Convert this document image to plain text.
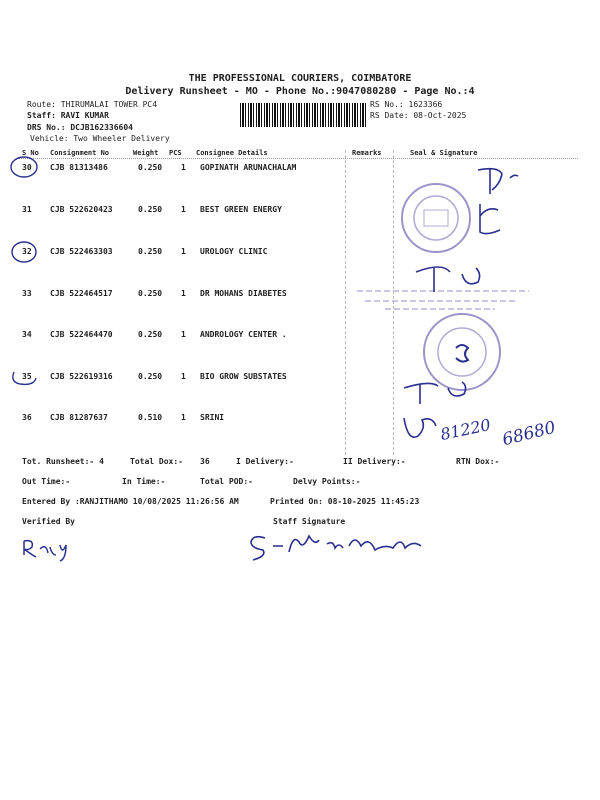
THE PROFESSIONAL COURIERS, COIMBATORE
Delivery Runsheet - MO - Phone No.:9047080280 - Page No.:4
Route: THIRUMALAI TOWER PC4
Staff: RAVI KUMAR
DRS No.: DCJB162336604
Vehicle: Two Wheeler Delivery
RS No.: 1623366
RS Date: 08-Oct-2025
S No Consignment No	Weight PCS Consignee Details	Remarks	Seal & Signature
30 CJB 81313486	0.250 1 GOPINATH ARUNACHALAM
31 CJB 522620423	0.250 1 BEST GREEN ENERGY
32 CJB 522463303	0.250 1 UROLOGY CLINIC
33 CJB 522464517	0.250 1 DR MOHANS DIABETES
34 CJB 522464470	0.250 1 ANDROLOGY CENTER .
35 CJB 522619316	0.250 1 BIO GROW SUBSTATES
36 CJB 81287637	0.510 1 SRINI	81220 68680
Tot. Runsheet:- 4	Total Dox:- 36	I Delivery:-	II Delivery:-	RTN Dox:-
Out Time:-	In Time:-	Total POD:-	Delvy Points:-
Entered By :RANJITHAMO 10/08/2025 11:26:56 AM	Printed On: 08-10-2025 11:45:23
Verified By	Staff Signature
